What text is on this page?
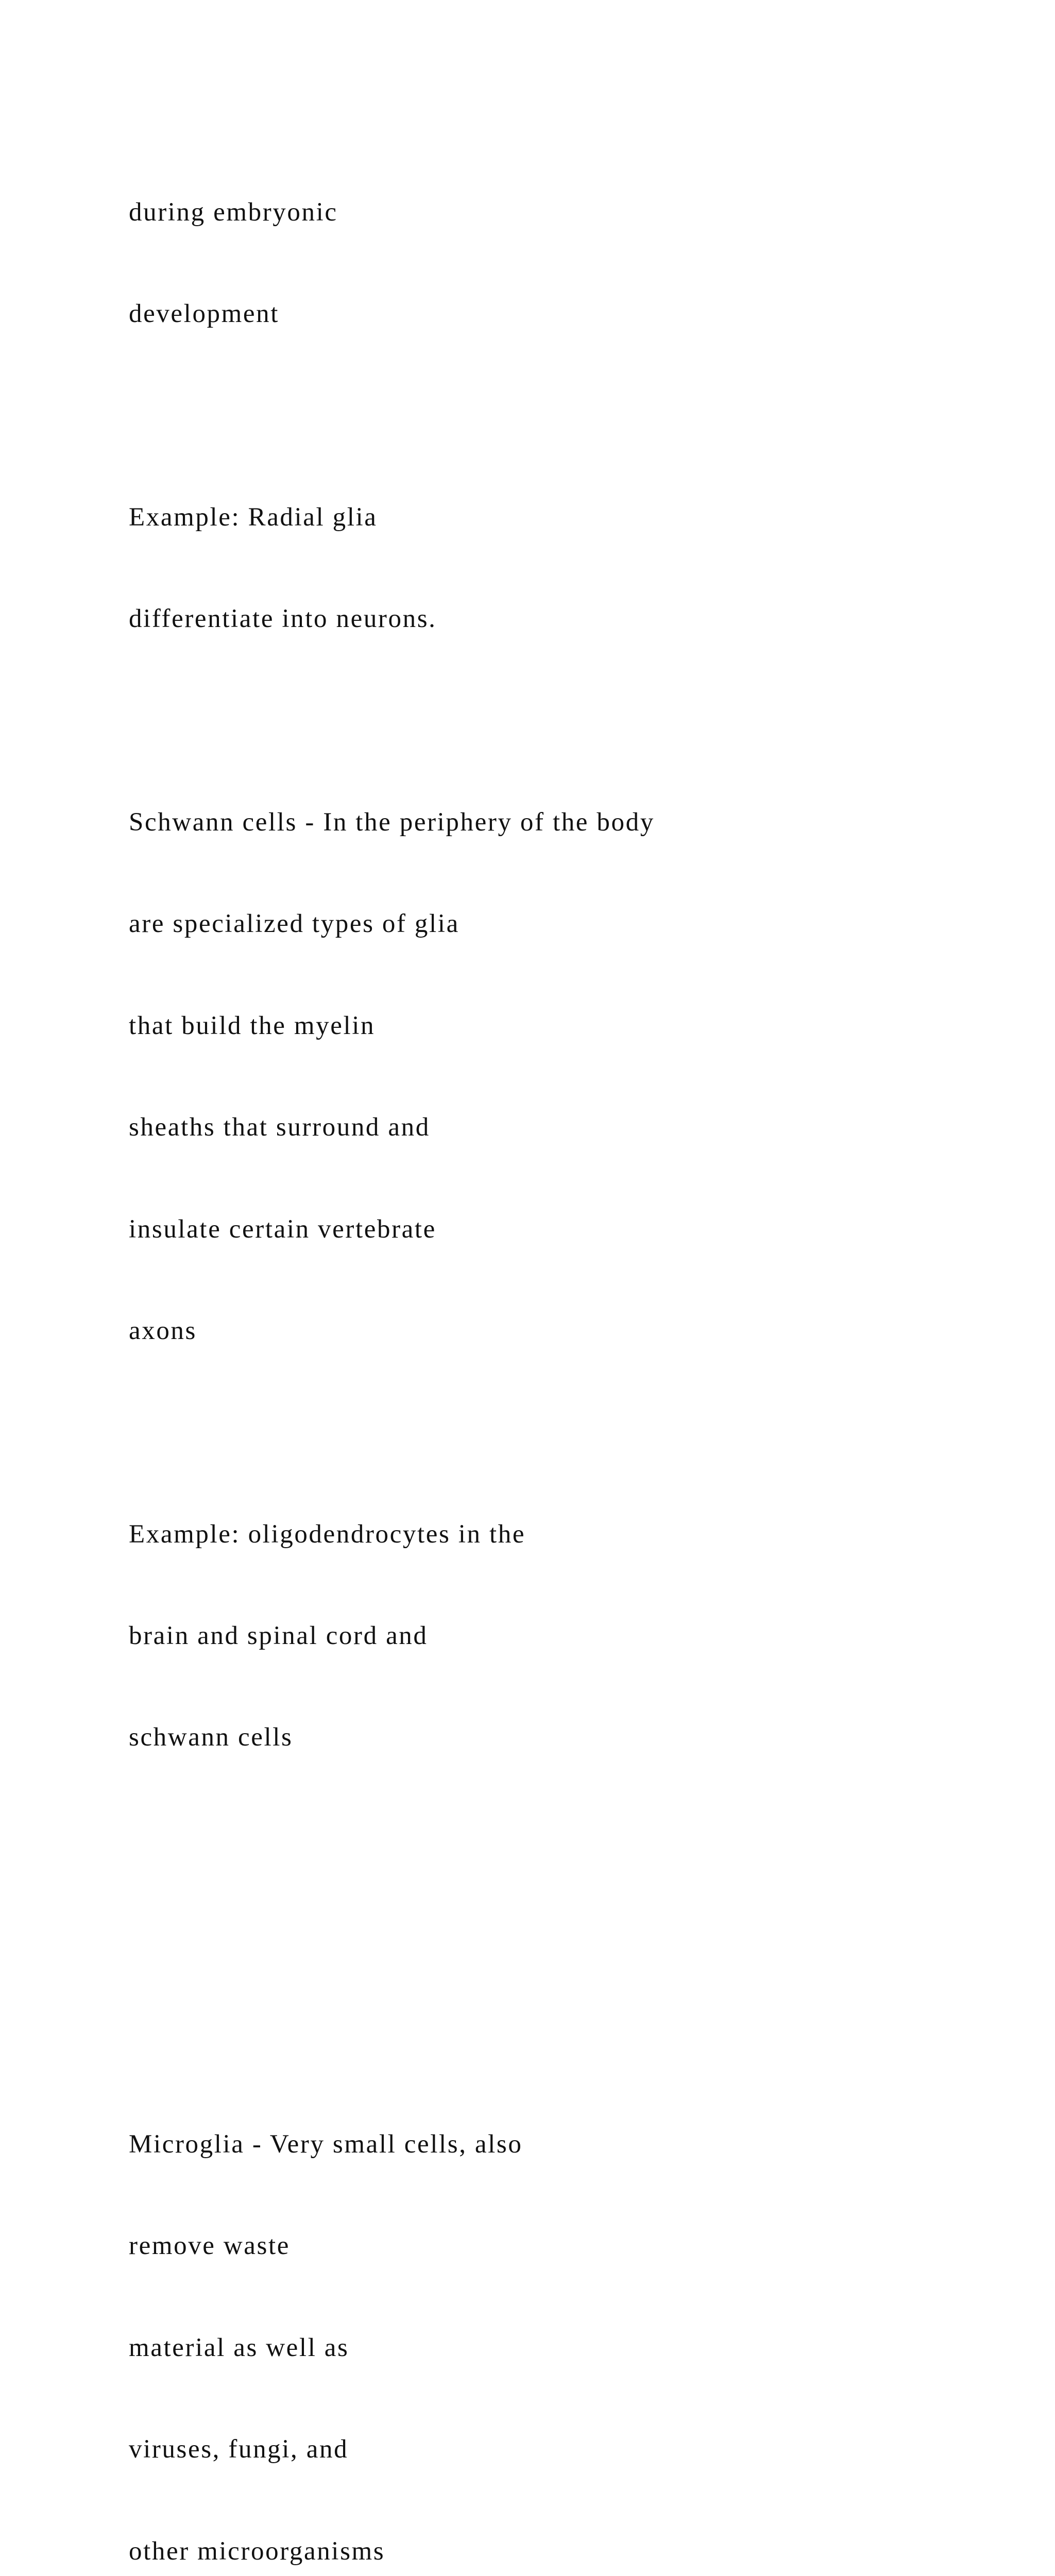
during embryonic

development

Example: Radial glia

differentiate into neurons.

Schwann cells - In the periphery of the body

are specialized types of glia

that build the myelin

sheaths that surround and

insulate certain vertebrate

axons

Example: oligodendrocytes in the

brain and spinal cord and

schwann cells

Microglia - Very small cells, also

remove waste

material as well as

viruses, fungi, and

other microorganisms
